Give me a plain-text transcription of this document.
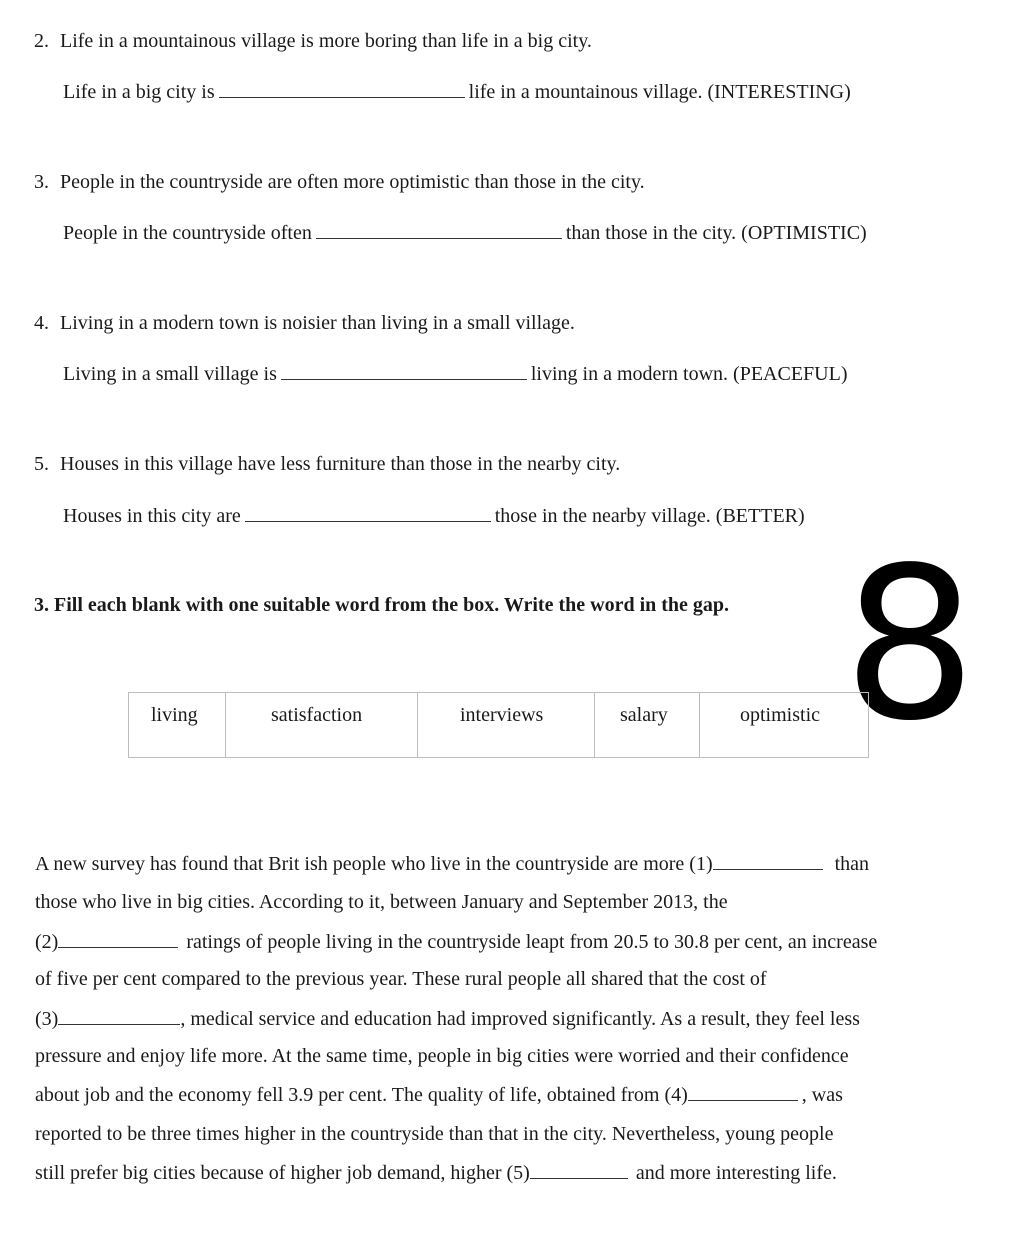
2. Life in a mountainous village is more boring than life in a big city.
Life in a big city is	life in a mountainous village. (INTERESTING)
3. People in the countryside are often more optimistic than those in the city.
People in the countryside often	than those in the city. (OPTIMISTIC)
4. Living in a modern town is noisier than living in a small village.
Living in a small village is	living in a modern town. (PEACEFUL)
5. Houses in this village have less furniture than those in the nearby city.
Houses in this city are	those in the nearby village. (BETTER)
3. Fill each blank with one suitable word from the box. Write the word in the gap. 8
living	satisfaction	interviews	salary	optimistic
A new survey has found that Brit ish people who live in the countryside are more (1)	than
those who live in big cities. According to it, between January and September 2013, the
(2)	ratings of people living in the countryside leapt from 20.5 to 30.8 per cent, an increase
of five per cent compared to the previous year. These rural people all shared that the cost of
(3)	, medical service and education had improved significantly. As a result, they feel less
pressure and enjoy life more. At the same time, people in big cities were worried and their confidence
about job and the economy fell 3.9 per cent. The quality of life, obtained from (4)	, was
reported to be three times higher in the countryside than that in the city. Nevertheless, young people
still prefer big cities because of higher job demand, higher (5)	and more interesting life.
